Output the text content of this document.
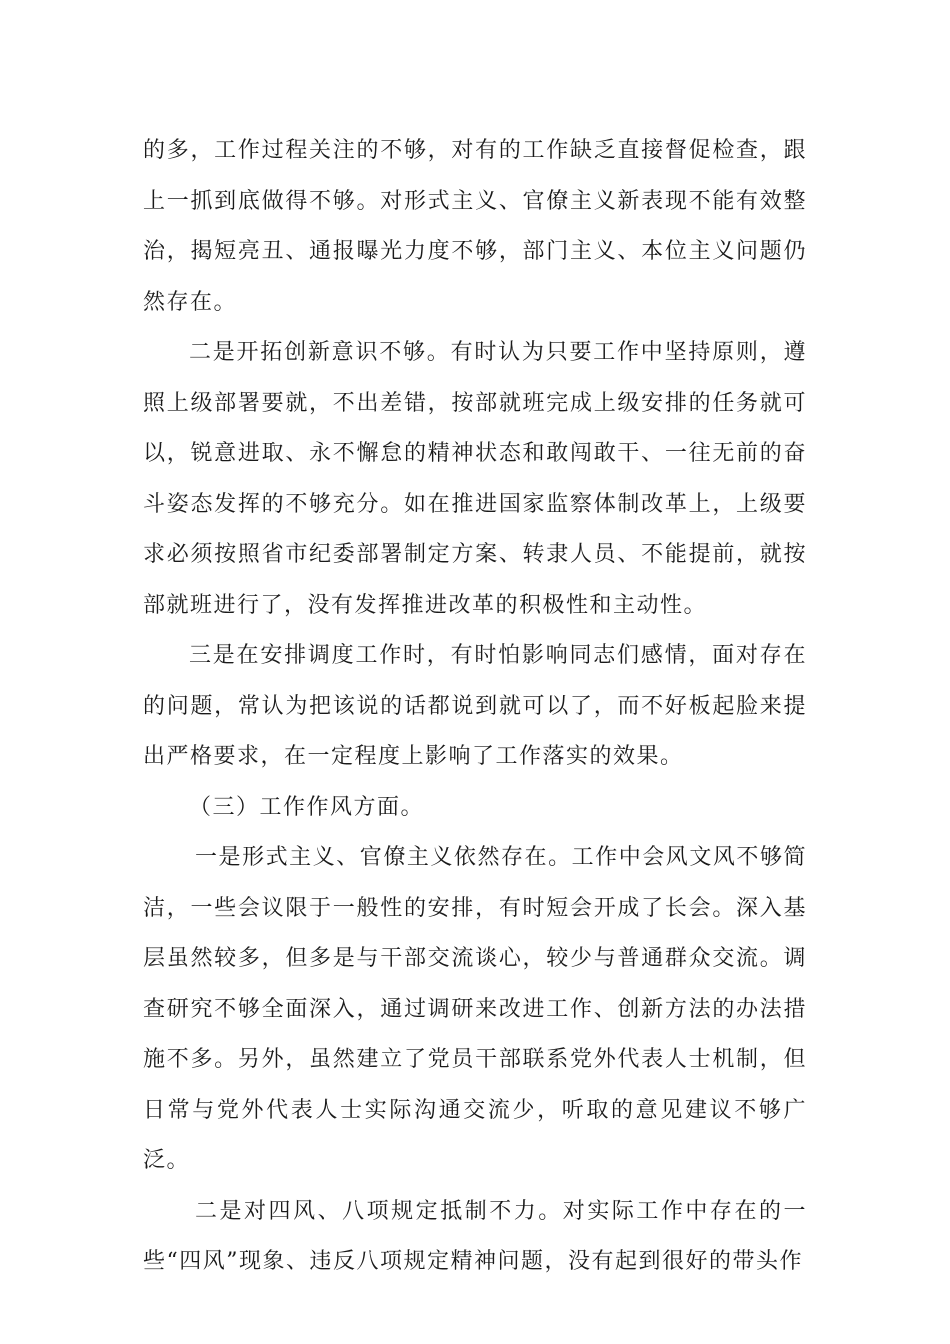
的多，工作过程关注的不够，对有的工作缺乏直接督促检查，跟上一抓到底做得不够。对形式主义、官僚主义新表现不能有效整治，揭短亮丑、通报曝光力度不够，部门主义、本位主义问题仍然存在。

二是开拓创新意识不够。有时认为只要工作中坚持原则，遵照上级部署要就，不出差错，按部就班完成上级安排的任务就可以，锐意进取、永不懈怠的精神状态和敢闯敢干、一往无前的奋斗姿态发挥的不够充分。如在推进国家监察体制改革上，上级要求必须按照省市纪委部署制定方案、转隶人员、不能提前，就按部就班进行了，没有发挥推进改革的积极性和主动性。

三是在安排调度工作时，有时怕影响同志们感情，面对存在的问题，常认为把该说的话都说到就可以了，而不好板起脸来提出严格要求，在一定程度上影响了工作落实的效果。

（三）工作作风方面。

一是形式主义、官僚主义依然存在。工作中会风文风不够简洁，一些会议限于一般性的安排，有时短会开成了长会。深入基层虽然较多，但多是与干部交流谈心，较少与普通群众交流。调查研究不够全面深入，通过调研来改进工作、创新方法的办法措施不多。另外，虽然建立了党员干部联系党外代表人士机制，但日常与党外代表人士实际沟通交流少，听取的意见建议不够广泛。

二是对四风、八项规定抵制不力。对实际工作中存在的一些“四风”现象、违反八项规定精神问题，没有起到很好的带头作
